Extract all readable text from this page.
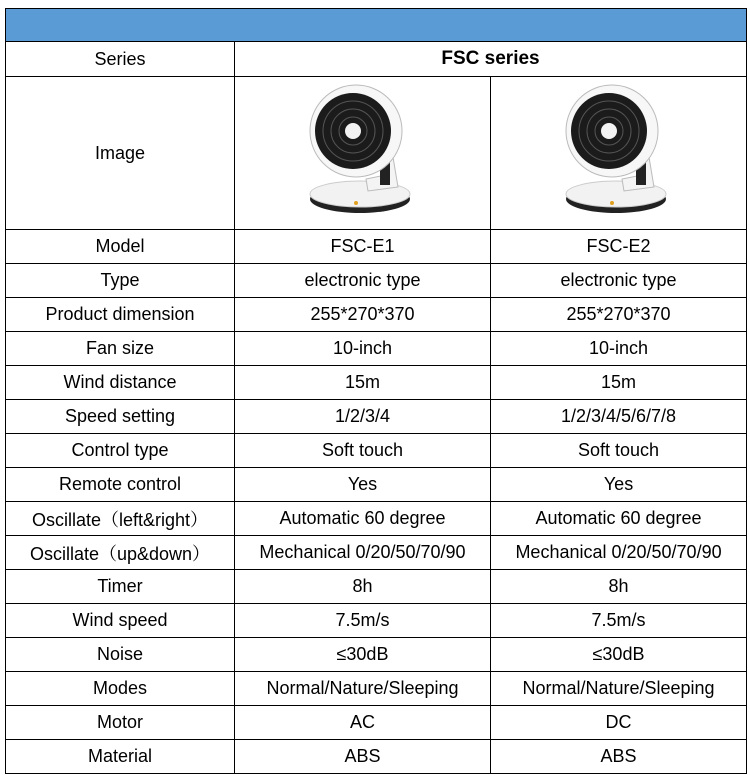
Series	FSC series	
Image	

Model	FSC-E1	FSC-E2
Type	electronic type	electronic type
Product dimension	255*270*370	255*270*370
Fan size	10-inch	10-inch
Wind distance	15m	15m
Speed setting	1/2/3/4	1/2/3/4/5/6/7/8
Control type	Soft touch	Soft touch
Remote control	Yes	Yes
Oscillate（left&right）	Automatic 60 degree	Automatic 60 degree
Oscillate（up&down）	Mechanical 0/20/50/70/90	Mechanical 0/20/50/70/90
Timer	8h	8h
Wind speed	7.5m/s	7.5m/s
Noise	≤30dB	≤30dB
Modes	Normal/Nature/Sleeping	Normal/Nature/Sleeping
Motor	AC	DC
Material	ABS	ABS
